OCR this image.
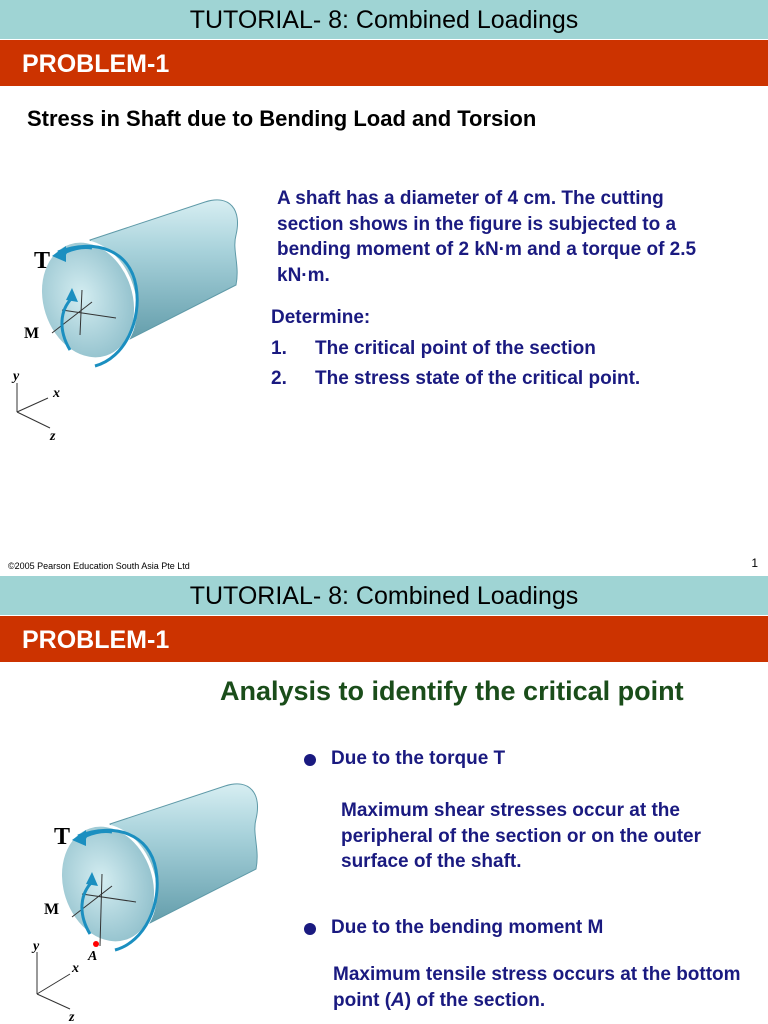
TUTORIAL- 8: Combined Loadings
PROBLEM-1
Stress in Shaft due to Bending Load and Torsion
T
M
y
x
z

A shaft has a diameter of 4 cm. The cutting section shows in the figure is subjected to a bending moment of 2 kN·m and a torque of 2.5 kN·m.

Determine:
1. The critical point of the section
2. The stress state of the critical point.
©2005 Pearson Education South Asia Pte Ltd	1
TUTORIAL- 8: Combined Loadings
PROBLEM-1
Analysis to identify the critical point
A
T
M
y
x
z
Due to the torque T

Maximum shear stresses occur at the peripheral of the section or on the outer surface of the shaft.

Due to the bending moment M

Maximum tensile stress occurs at the bottom point (A) of the section.
